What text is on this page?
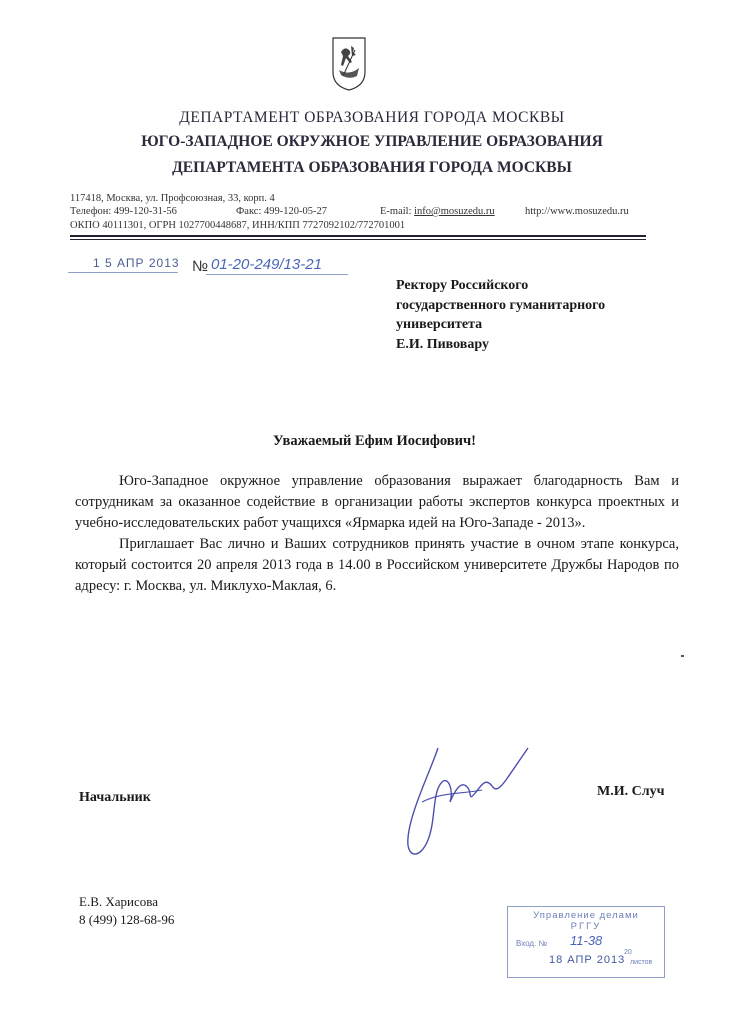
ДЕПАРТАМЕНТ ОБРАЗОВАНИЯ ГОРОДА МОСКВЫ
ЮГО-ЗАПАДНОЕ ОКРУЖНОЕ УПРАВЛЕНИЕ ОБРАЗОВАНИЯ
ДЕПАРТАМЕНТА ОБРАЗОВАНИЯ ГОРОДА МОСКВЫ
117418, Москва, ул. Профсоюзная, 33, корп. 4
Телефон: 499-120-31-56	Факс: 499-120-05-27	E-mail: info@mosuzedu.ru	http://www.mosuzedu.ru
ОКПО 40111301, ОГРН 1027700448687, ИНН/КПП 7727092102/772701001
1 5 АПР 2013 № 01-20-249/13-21
Ректору Российского
государственного гуманитарного
университета
Е.И. Пивовару
Уважаемый Ефим Иосифович!

Юго-Западное окружное управление образования выражает благодарность Вам и сотрудникам за оказанное содействие в организации работы экспертов конкурса проектных и учебно-исследовательских работ учащихся «Ярмарка идей на Юго-Западе - 2013».

Приглашает Вас лично и Ваших сотрудников принять участие в очном этапе конкурса, который состоится 20 апреля 2013 года в 14.00 в Российском университете Дружбы Народов по адресу: г. Москва, ул. Миклухо-Маклая, 6.

Начальник	М.И. Случ
Е.В. Харисова
8 (499) 128-68-96	Управление делами
РГГУ
Вход. № 11-38
18 АПР 2013
20
листов
